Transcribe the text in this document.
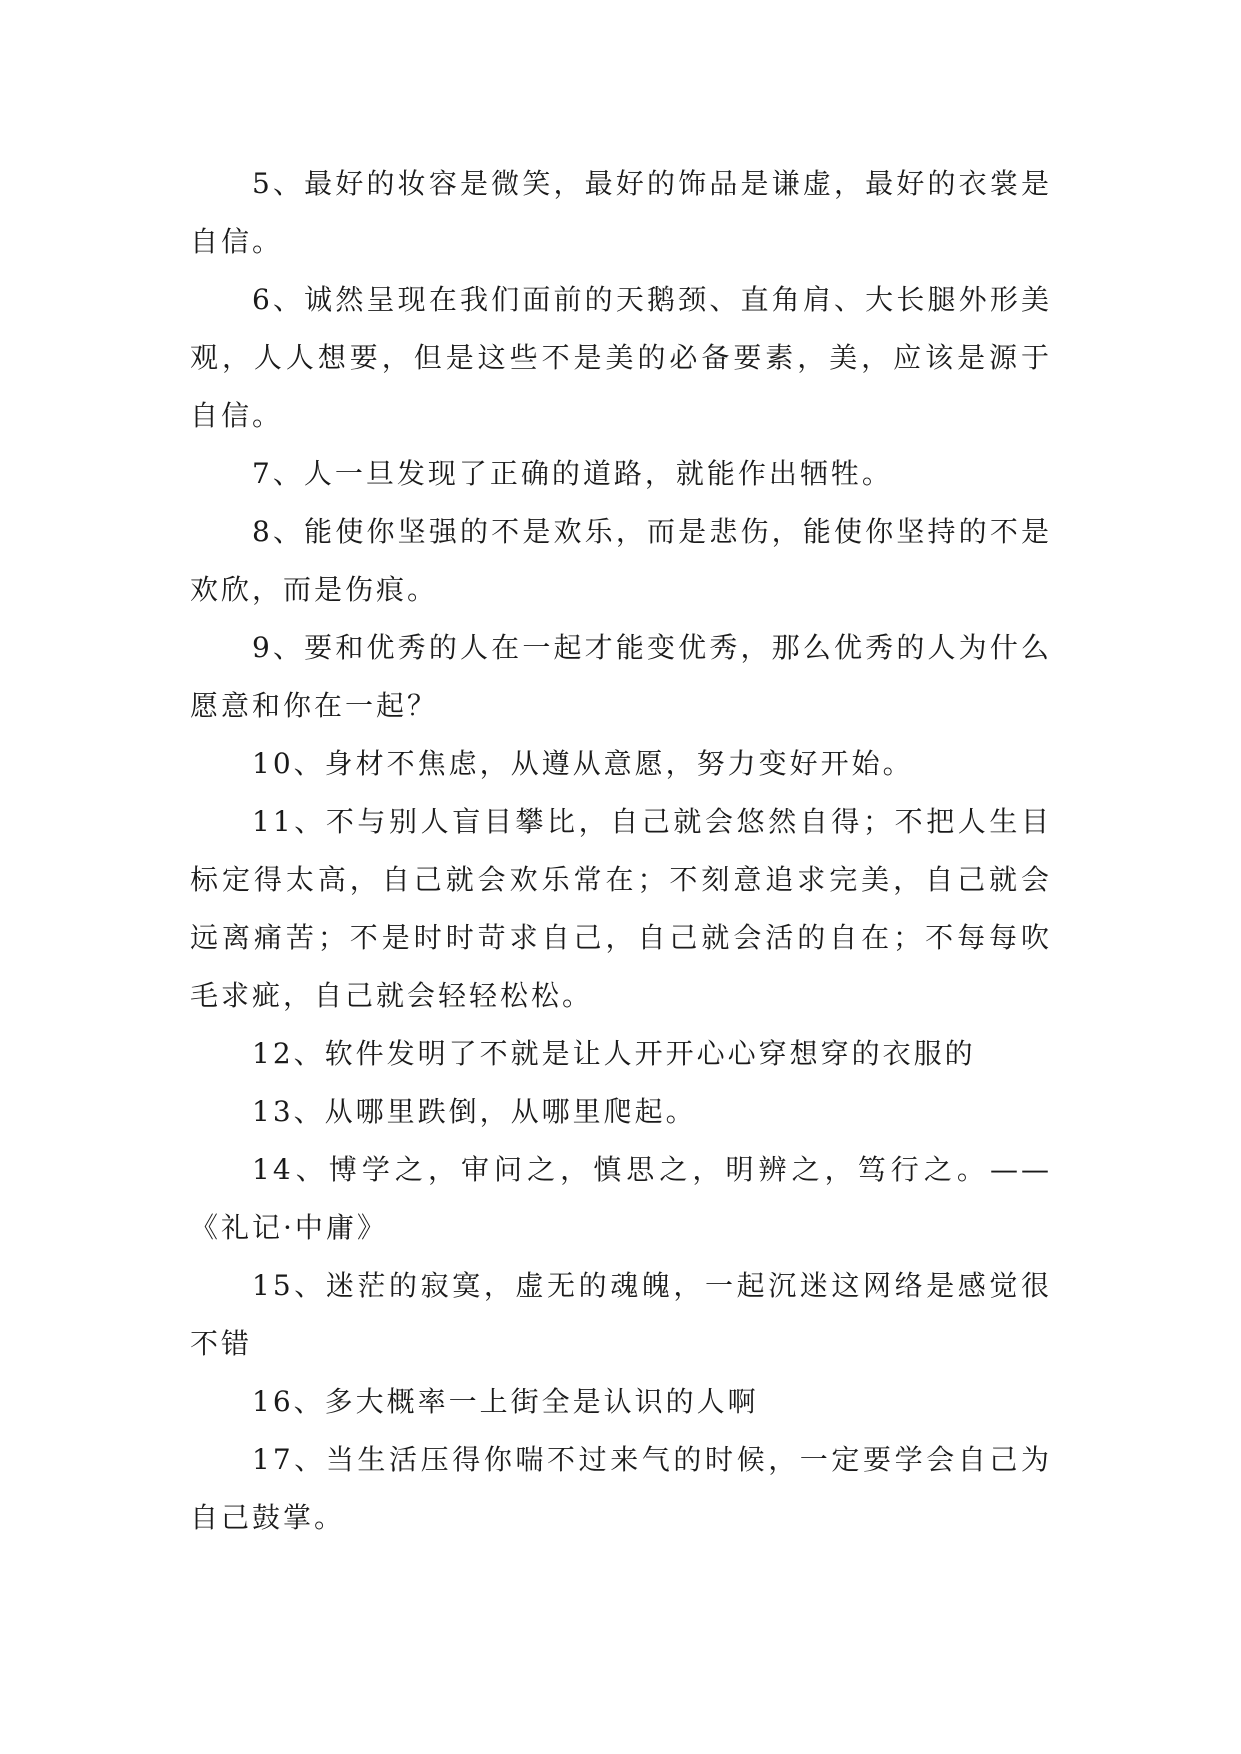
5、最好的妆容是微笑，最好的饰品是谦虚，最好的衣裳是自信。

6、诚然呈现在我们面前的天鹅颈、直角肩、大长腿外形美观，人人想要，但是这些不是美的必备要素，美，应该是源于自信。

7、人一旦发现了正确的道路，就能作出牺牲。

8、能使你坚强的不是欢乐，而是悲伤，能使你坚持的不是欢欣，而是伤痕。

9、要和优秀的人在一起才能变优秀，那么优秀的人为什么愿意和你在一起？

10、身材不焦虑，从遵从意愿，努力变好开始。

11、不与别人盲目攀比，自己就会悠然自得；不把人生目标定得太高，自己就会欢乐常在；不刻意追求完美，自己就会远离痛苦；不是时时苛求自己，自己就会活的自在；不每每吹毛求疵，自己就会轻轻松松。

12、软件发明了不就是让人开开心心穿想穿的衣服的

13、从哪里跌倒，从哪里爬起。

14、博学之，审问之，慎思之，明辨之，笃行之。——《礼记·中庸》

15、迷茫的寂寞，虚无的魂魄，一起沉迷这网络是感觉很不错

16、多大概率一上街全是认识的人啊

17、当生活压得你喘不过来气的时候，一定要学会自己为自己鼓掌。
